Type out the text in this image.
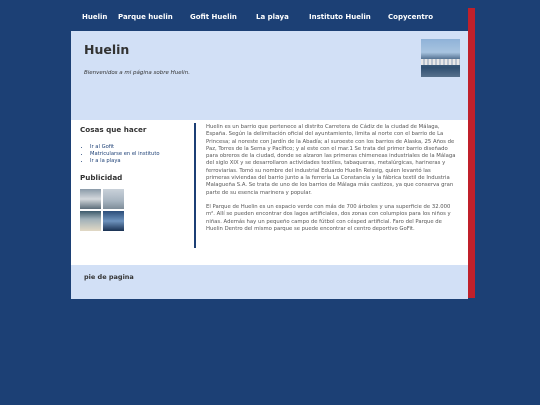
Huelin Parque huelin Gofit Huelin	La playa	Instituto Huelin Copycentro
Huelin
Bienvenidos a mi página sobre Huelin.
Cosas que hacer
• Ir al Gofit
• Matricularse en el instituto
• Ir a la playa
Publicidad

Huelin es un barrio que pertenece al distrito Carretera de Cádiz de la ciudad de Málaga, España. Según la delimitación oficial del ayuntamiento, limita al norte con el barrio de La Princesa; al noreste con Jardín de la Abadía; al suroeste con los barrios de Alaska, 25 Años de Paz, Torres de la Serna y Pacífico; y al este con el mar.1 Se trata del primer barrio diseñado para obreros de la ciudad, donde se alzaron las primeras chimeneas industriales de la Málaga del siglo XIX y se desarrollaron actividades textiles, tabaqueras, metalúrgicas, harineras y ferroviarias. Tomó su nombre del industrial Eduardo Huelin Reissig, quien levantó las primeras viviendas del barrio junto a la ferrería La Constancia y la fábrica textil de Industria Malagueña S.A. Se trata de uno de los barrios de Málaga más castizos, ya que conserva gran parte de su esencia marinera y popular.

El Parque de Huelin es un espacio verde con más de 700 árboles y una superficie de 32.000 m². Allí se pueden encontrar dos lagos artificiales, dos zonas con columpios para los niños y niñas. Además hay un pequeño campo de fútbol con césped artificial. Faro del Parque de Huelin Dentro del mismo parque se puede encontrar el centro deportivo GoFit.

pie de pagina
